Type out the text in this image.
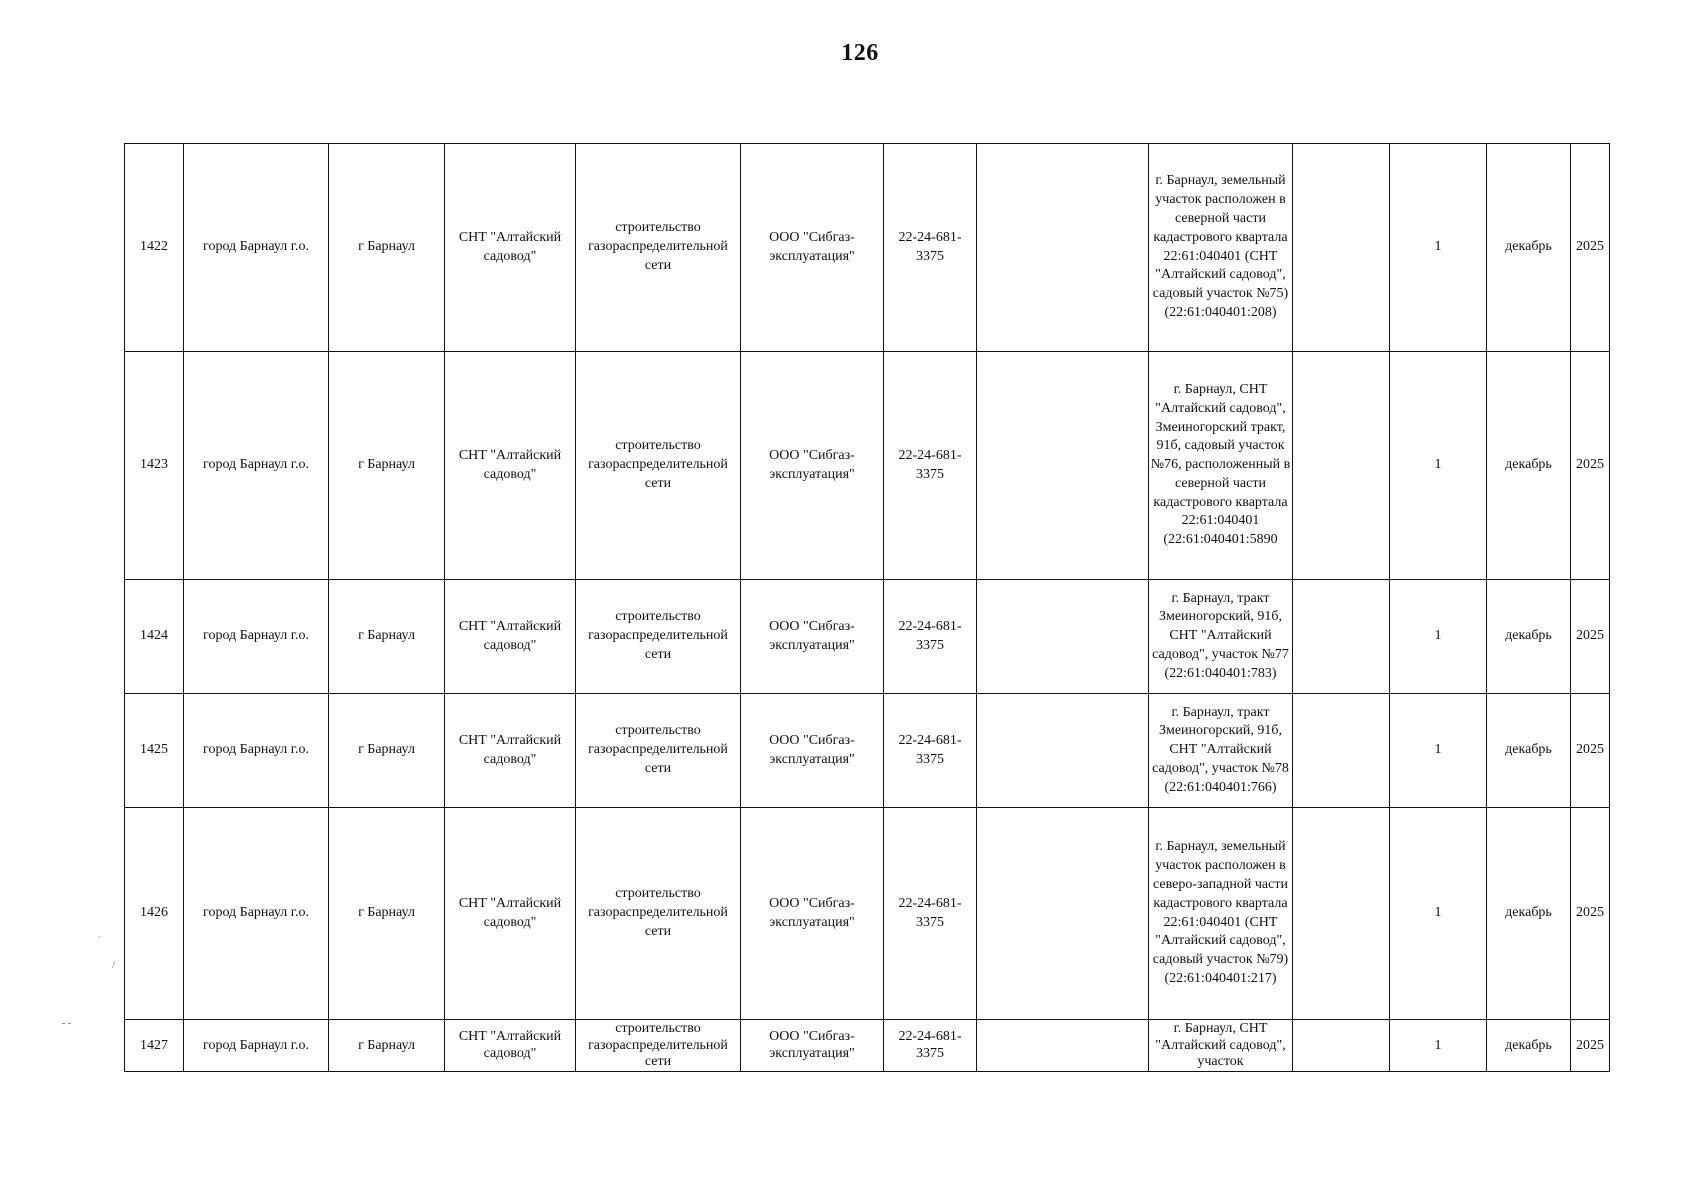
126
1422	город Барнаул г.о.	г Барнаул	СНТ "Алтайский садовод"	строительство газораспределительной сети	ООО "Сибгаз-эксплуатация"	22-24-681-3375		г. Барнаул, земельный участок расположен в северной части кадастрового квартала 22:61:040401 (СНТ "Алтайский садовод", садовый участок №75) (22:61:040401:208)		1	декабрь	2025
1423	город Барнаул г.о.	г Барнаул	СНТ "Алтайский садовод"	строительство газораспределительной сети	ООО "Сибгаз-эксплуатация"	22-24-681-3375		г. Барнаул, СНТ "Алтайский садовод", Змеиногорский тракт, 91б, садовый участок №76, расположенный в северной части кадастрового квартала 22:61:040401 (22:61:040401:5890		1	декабрь	2025
1424	город Барнаул г.о.	г Барнаул	СНТ "Алтайский садовод"	строительство газораспределительной сети	ООО "Сибгаз-эксплуатация"	22-24-681-3375		г. Барнаул, тракт Змеиногорский, 91б, СНТ "Алтайский садовод", участок №77 (22:61:040401:783)		1	декабрь	2025
1425	город Барнаул г.о.	г Барнаул	СНТ "Алтайский садовод"	строительство газораспределительной сети	ООО "Сибгаз-эксплуатация"	22-24-681-3375		г. Барнаул, тракт Змеиногорский, 91б, СНТ "Алтайский садовод", участок №78 (22:61:040401:766)		1	декабрь	2025
1426	город Барнаул г.о.	г Барнаул	СНТ "Алтайский садовод"	строительство газораспределительной сети	ООО "Сибгаз-эксплуатация"	22-24-681-3375		г. Барнаул, земельный участок расположен в северо-западной части кадастрового квартала 22:61:040401 (СНТ "Алтайский садовод", садовый участок №79) (22:61:040401:217)		1	декабрь	2025
1427	город Барнаул г.о.	г Барнаул	СНТ "Алтайский садовод"	строительство газораспределительной сети	ООО "Сибгаз-эксплуатация"	22-24-681-3375		г. Барнаул, СНТ "Алтайский садовод", участок		1	декабрь	2025
`
/
‐ ‐
